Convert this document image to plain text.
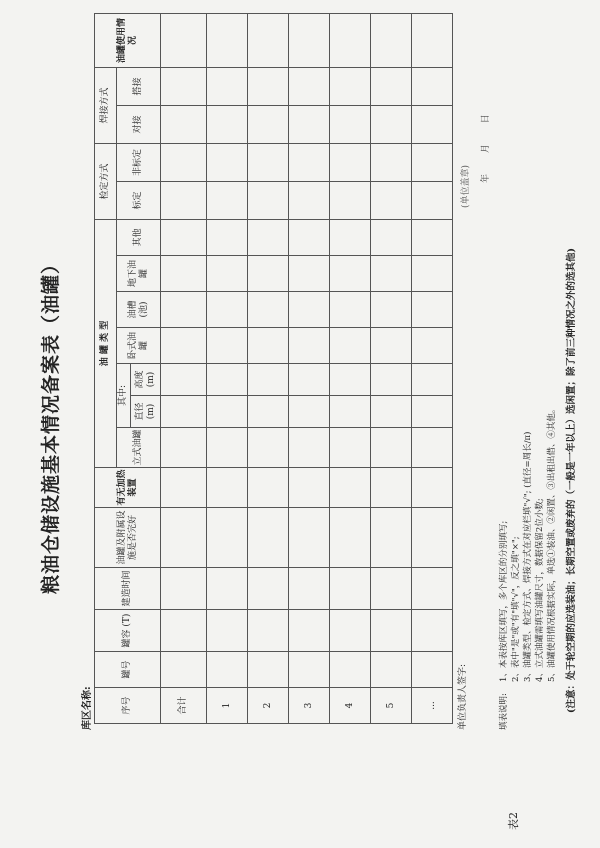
表2
粮油仓储设施基本情况备案表（油罐）
库区名称:	序号	罐号	罐容 (T)	建造时间	油罐及附属设施是否完好	有无加热装置	油 罐 类 型							检定方式		焊接方式		油罐使用情况
						立式油罐	其中:		卧式油罐	油槽 (池)	地下油罐	其他	标定	非标定	对接	搭接	
							直径 (m)	高度 (m)									
合计																	
1																	
2																	
3																	
4																	
5																	
...																		单位负责人签字:
(单位盖章)
年 月 日
填表说明:
1、本表按库区填写，多个库区的分别填写; 2、表中"是"或"有"填"√"，反之填"×"; 3、油罐类型、检定方式、焊接方式在对应栏填"√"; (直径=周长/π) 4、立式油罐需填写油罐尺寸，数据保留2位小数; 5、油罐使用情况根据实际，单选①装油、②闲置、③出租出借、④其他。 (注意：处于轮空期的应选装油；长期空置或废弃的（一般是一年以上）选闲置；除了前三种情况之外的选其他)
